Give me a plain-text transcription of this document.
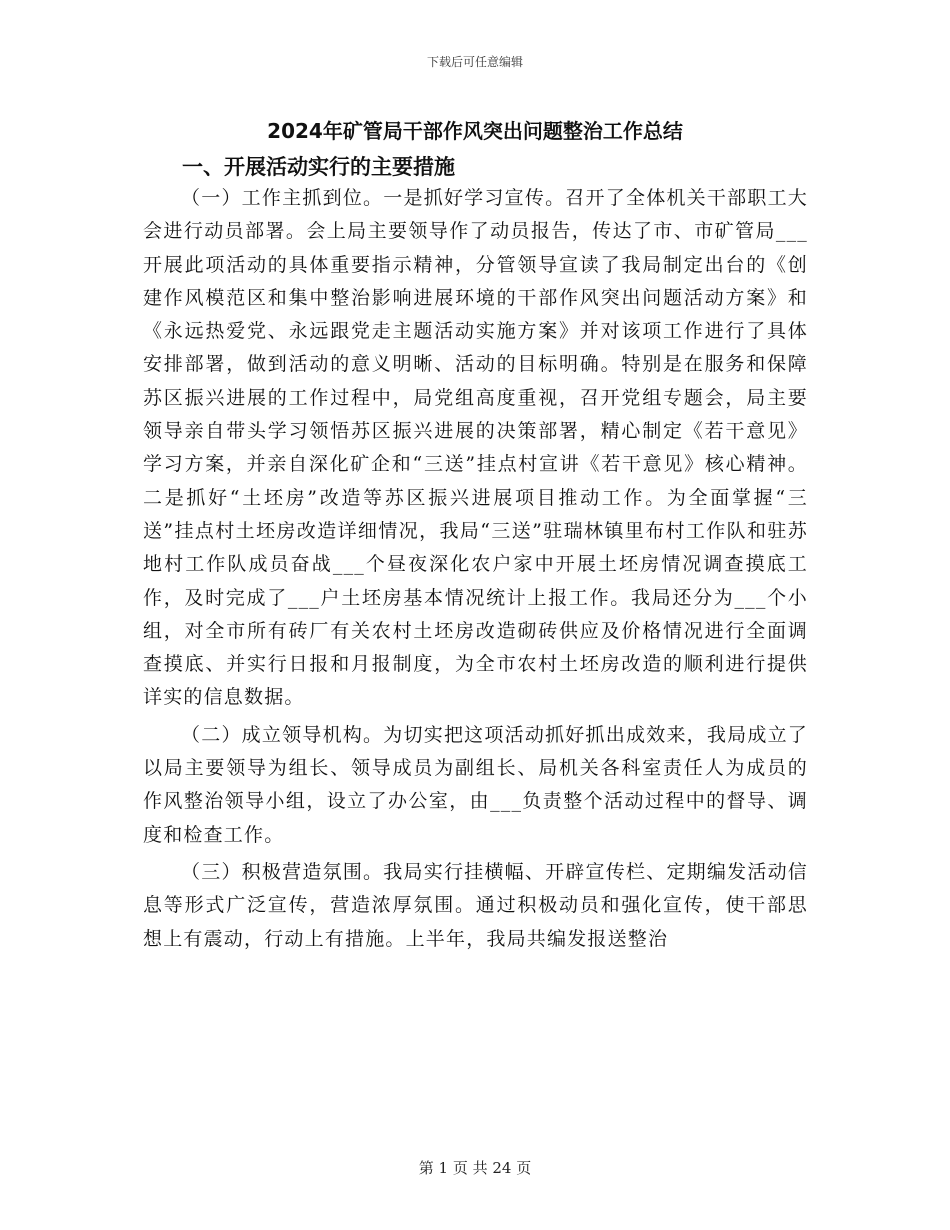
下载后可任意编辑
2024年矿管局干部作风突出问题整治工作总结
一、开展活动实行的主要措施

（一）工作主抓到位。一是抓好学习宣传。召开了全体机关干部职工大会进行动员部署。会上局主要领导作了动员报告，传达了市、市矿管局___开展此项活动的具体重要指示精神，分管领导宣读了我局制定出台的《创建作风模范区和集中整治影响进展环境的干部作风突出问题活动方案》和《永远热爱党、永远跟党走主题活动实施方案》并对该项工作进行了具体安排部署，做到活动的意义明晰、活动的目标明确。特别是在服务和保障苏区振兴进展的工作过程中，局党组高度重视，召开党组专题会，局主要领导亲自带头学习领悟苏区振兴进展的决策部署，精心制定《若干意见》学习方案，并亲自深化矿企和“三送”挂点村宣讲《若干意见》核心精神。二是抓好“土坯房”改造等苏区振兴进展项目推动工作。为全面掌握“三送”挂点村土坯房改造详细情况，我局“三送”驻瑞林镇里布村工作队和驻苏地村工作队成员奋战___个昼夜深化农户家中开展土坯房情况调查摸底工作，及时完成了___户土坯房基本情况统计上报工作。我局还分为___个小组，对全市所有砖厂有关农村土坯房改造砌砖供应及价格情况进行全面调查摸底、并实行日报和月报制度，为全市农村土坯房改造的顺利进行提供详实的信息数据。

（二）成立领导机构。为切实把这项活动抓好抓出成效来，我局成立了以局主要领导为组长、领导成员为副组长、局机关各科室责任人为成员的作风整治领导小组，设立了办公室，由___负责整个活动过程中的督导、调度和检查工作。

（三）积极营造氛围。我局实行挂横幅、开辟宣传栏、定期编发活动信息等形式广泛宣传，营造浓厚氛围。通过积极动员和强化宣传，使干部思想上有震动，行动上有措施。上半年，我局共编发报送整治

第 1 页 共 24 页
